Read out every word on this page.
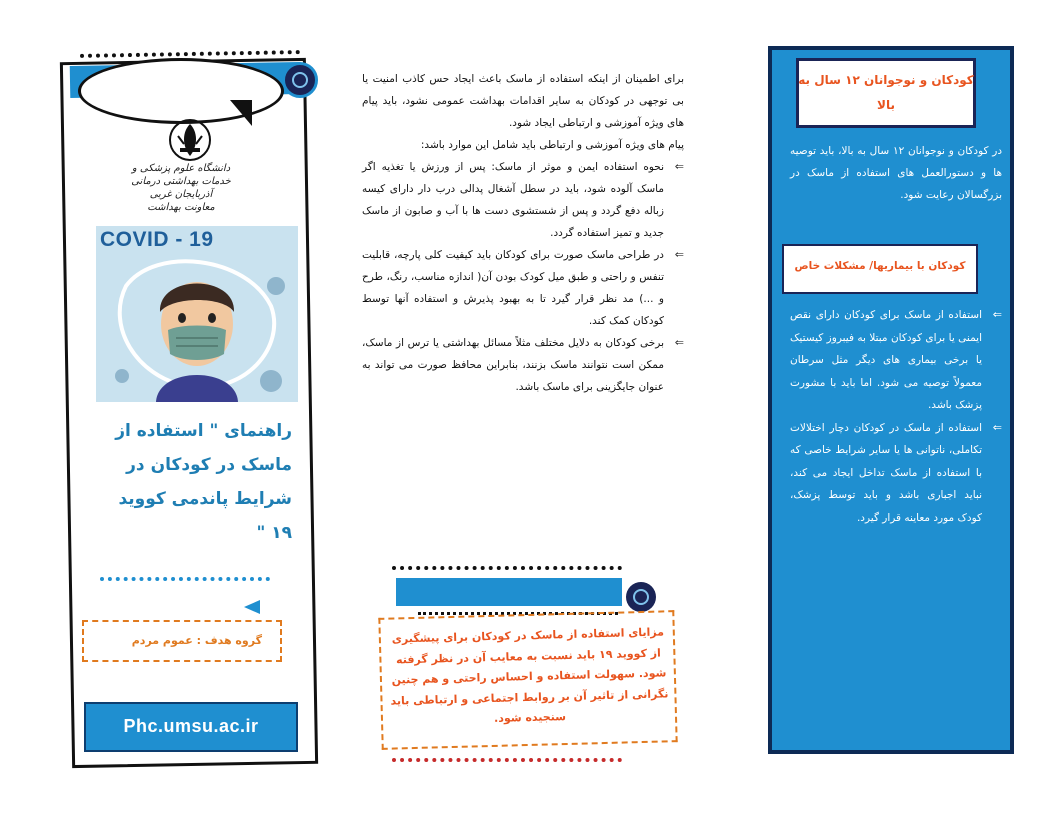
دانشگاه علوم پزشکی و خدمات بهداشتی درمانی آذربایجان غربی
معاونت بهداشت
COVID - 19
راهنمای " استفاده از ماسک در کودکان در شرایط پاندمی کووید ۱۹ "
گروه هدف : عموم مردم
Phc.umsu.ac.ir

برای اطمینان از اینکه استفاده از ماسک باعث ایجاد حس کاذب امنیت یا بی توجهی در کودکان به سایر اقدامات بهداشت عمومی نشود، باید پیام های ویژه آموزشی و ارتباطی ایجاد شود.

پیام های ویژه آموزشی و ارتباطی باید شامل این موارد باشد:

⇐
نحوه استفاده ایمن و موثر از ماسک: پس از ورزش یا تغذیه اگر ماسک آلوده شود، باید در سطل آشغال پدالی درب دار دارای کیسه زباله دفع گردد و پس از شستشوی دست ها با آب و صابون از ماسک جدید و تمیز استفاده گردد.
⇐
در طراحی ماسک صورت برای کودکان باید کیفیت کلی پارچه، قابلیت تنفس و راحتی و طبق میل کودک بودن آن( اندازه مناسب، رنگ، طرح و ...) مد نظر قرار گیرد تا به بهبود پذیرش و استفاده آنها توسط کودکان کمک کند.
⇐
برخی کودکان به دلایل مختلف مثلاً مسائل بهداشتی یا ترس از ماسک، ممکن است نتوانند ماسک بزنند، بنابراین محافظ صورت می تواند به عنوان جایگزینی برای ماسک باشد.
مزایای استفاده از ماسک در کودکان برای پیشگیری از کووید ۱۹ باید نسبت به معایب آن در نظر گرفته شود. سهولت استفاده و احساس راحتی و هم چنین نگرانی از تاثیر آن بر روابط اجتماعی و ارتباطی باید سنجیده شود.
کودکان و نوجوانان ۱۲ سال به بالا
در کودکان و نوجوانان ۱۲ سال به بالا، باید توصیه ها و دستورالعمل های استفاده از ماسک در بزرگسالان رعایت شود.
کودکان با بیماریها/ مشکلات خاص
⇐
استفاده از ماسک برای کودکان دارای نقص ایمنی یا برای کودکان مبتلا به فیبروز کیستیک یا برخی بیماری های دیگر مثل سرطان معمولاً توصیه می شود. اما باید با مشورت پزشک باشد.
⇐
استفاده از ماسک در کودکان دچار اختلالات تکاملی، ناتوانی ها یا سایر شرایط خاصی که با استفاده از ماسک تداخل ایجاد می کند، نباید اجباری باشد و باید توسط پزشک، کودک مورد معاینه قرار گیرد.
